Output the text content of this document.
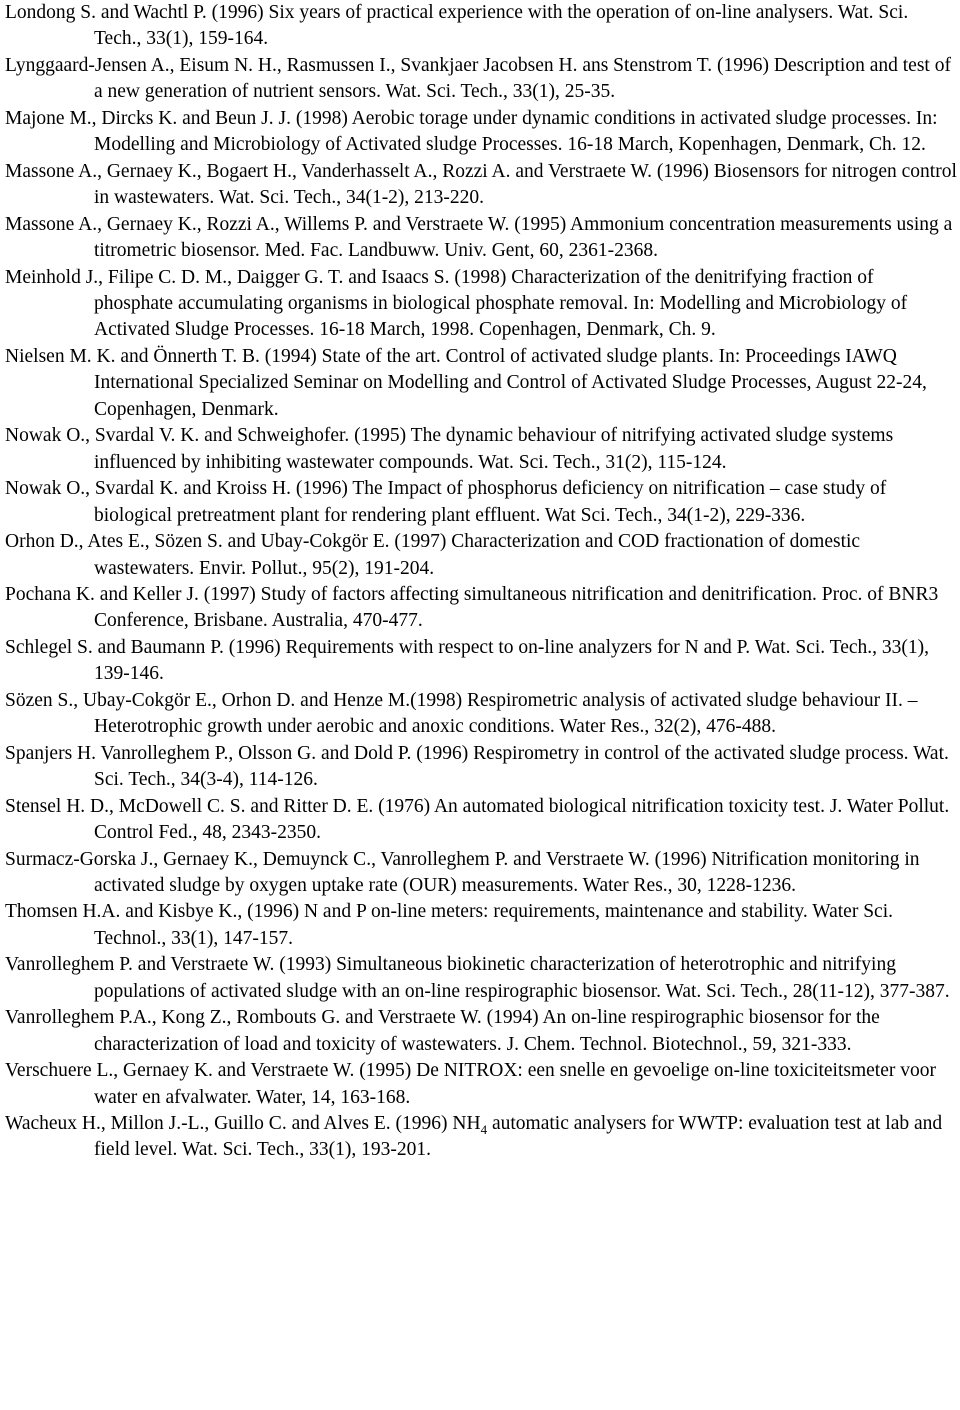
Londong S. and Wachtl P. (1996) Six years of practical experience with the operation of on-line analysers. Wat. Sci. Tech., 33(1), 159-164.
Lynggaard-Jensen A., Eisum N. H., Rasmussen I., Svankjaer Jacobsen H. ans Stenstrom T. (1996) Description and test of a new generation of nutrient sensors. Wat. Sci. Tech., 33(1), 25-35.
Majone M., Dircks K. and Beun J. J. (1998) Aerobic torage under dynamic conditions in activated sludge processes. In: Modelling and Microbiology of Activated sludge Processes. 16-18 March, Kopenhagen, Denmark, Ch. 12.
Massone A., Gernaey K., Bogaert H., Vanderhasselt A., Rozzi A. and Verstraete W. (1996) Biosensors for nitrogen control in wastewaters. Wat. Sci. Tech., 34(1-2), 213-220.
Massone A., Gernaey K., Rozzi A., Willems P. and Verstraete W. (1995) Ammonium concentration measurements using a titrometric biosensor. Med. Fac. Landbuww. Univ. Gent, 60, 2361-2368.
Meinhold J., Filipe C. D. M., Daigger G. T. and Isaacs S. (1998) Characterization of the denitrifying fraction of phosphate accumulating organisms in biological phosphate removal. In: Modelling and Microbiology of Activated Sludge Processes. 16-18 March, 1998. Copenhagen, Denmark, Ch. 9.
Nielsen M. K. and Önnerth T. B. (1994) State of the art. Control of activated sludge plants. In: Proceedings IAWQ International Specialized Seminar on Modelling and Control of Activated Sludge Processes, August 22-24, Copenhagen, Denmark.
Nowak O., Svardal V. K. and Schweighofer. (1995) The dynamic behaviour of nitrifying activated sludge systems influenced by inhibiting wastewater compounds. Wat. Sci. Tech., 31(2), 115-124.
Nowak O., Svardal K. and Kroiss H. (1996) The Impact of phosphorus deficiency on nitrification – case study of biological pretreatment plant for rendering plant effluent. Wat Sci. Tech., 34(1-2), 229-336.
Orhon D., Ates E., Sözen S. and Ubay-Cokgör E. (1997) Characterization and COD fractionation of domestic wastewaters. Envir. Pollut., 95(2), 191-204.
Pochana K. and Keller J. (1997) Study of factors affecting simultaneous nitrification and denitrification. Proc. of BNR3 Conference, Brisbane. Australia, 470-477.
Schlegel S. and Baumann P. (1996) Requirements with respect to on-line analyzers for N and P. Wat. Sci. Tech., 33(1), 139-146.
Sözen S., Ubay-Cokgör E., Orhon D. and Henze M.(1998) Respirometric analysis of activated sludge behaviour II. – Heterotrophic growth under aerobic and anoxic conditions. Water Res., 32(2), 476-488.
Spanjers H. Vanrolleghem P., Olsson G. and Dold P. (1996) Respirometry in control of the activated sludge process. Wat. Sci. Tech., 34(3-4), 114-126.
Stensel H. D., McDowell C. S. and Ritter D. E. (1976) An automated biological nitrification toxicity test. J. Water Pollut. Control Fed., 48, 2343-2350.
Surmacz-Gorska J., Gernaey K., Demuynck C., Vanrolleghem P. and Verstraete W. (1996) Nitrification monitoring in activated sludge by oxygen uptake rate (OUR) measurements. Water Res., 30, 1228-1236.
Thomsen H.A. and Kisbye K., (1996) N and P on-line meters: requirements, maintenance and stability. Water Sci. Technol., 33(1), 147-157.
Vanrolleghem P. and Verstraete W. (1993) Simultaneous biokinetic characterization of heterotrophic and nitrifying populations of activated sludge with an on-line respirographic biosensor. Wat. Sci. Tech., 28(11-12), 377-387.
Vanrolleghem P.A., Kong Z., Rombouts G. and Verstraete W. (1994) An on-line respirographic biosensor for the characterization of load and toxicity of wastewaters. J. Chem. Technol. Biotechnol., 59, 321-333.
Verschuere L., Gernaey K. and Verstraete W. (1995) De NITROX: een snelle en gevoelige on-line toxiciteitsmeter voor water en afvalwater. Water, 14, 163-168.
Wacheux H., Millon J.-L., Guillo C. and Alves E. (1996) $NH_4$ automatic analysers for WWTP: evaluation test at lab and field level. Wat. Sci. Tech., 33(1), 193-201.
